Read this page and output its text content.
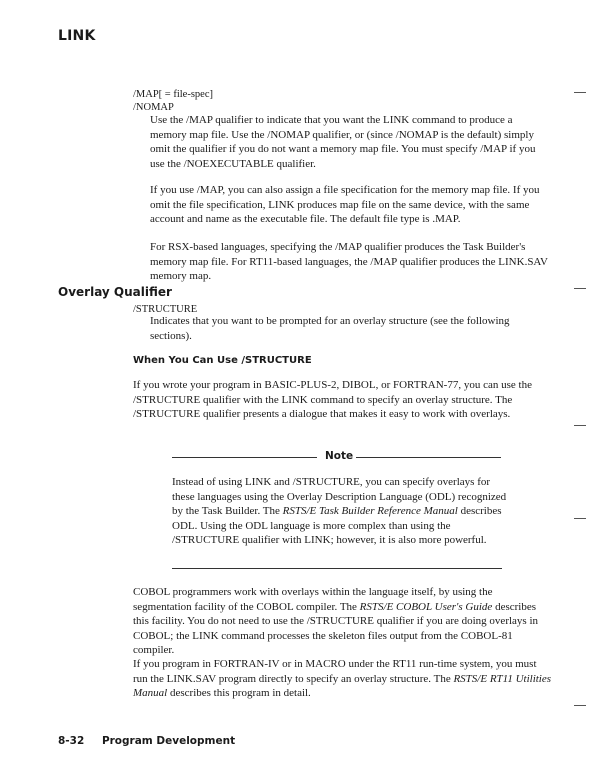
LINK
/MAP[ = file-spec]
/NOMAP

Use the /MAP qualifier to indicate that you want the LINK command to produce a memory map file. Use the /NOMAP qualifier, or (since /NOMAP is the default) simply omit the qualifier if you do not want a memory map file. You must specify /MAP if you use the /NOEXECUTABLE qualifier.

If you use /MAP, you can also assign a file specification for the memory map file. If you omit the file specification, LINK produces map file on the same device, with the same account and name as the executable file. The default file type is .MAP.

For RSX-based languages, specifying the /MAP qualifier produces the Task Builder's memory map file. For RT11-based languages, the /MAP qualifier produces the LINK.SAV memory map.

Overlay Qualifier
/STRUCTURE

Indicates that you want to be prompted for an overlay structure (see the following sections).

When You Can Use /STRUCTURE

If you wrote your program in BASIC-PLUS-2, DIBOL, or FORTRAN-77, you can use the /STRUCTURE qualifier with the LINK command to specify an overlay structure. The /STRUCTURE qualifier presents a dialogue that makes it easy to work with overlays.

Note

Instead of using LINK and /STRUCTURE, you can specify overlays for these languages using the Overlay Description Language (ODL) recognized by the Task Builder. The RSTS/E Task Builder Reference Manual describes ODL. Using the ODL language is more complex than using the /STRUCTURE qualifier with LINK; however, it is also more powerful.

COBOL programmers work with overlays within the language itself, by using the segmentation facility of the COBOL compiler. The RSTS/E COBOL User's Guide describes this facility. You do not need to use the /STRUCTURE qualifier if you are doing overlays in COBOL; the LINK command processes the skeleton files output from the COBOL-81 compiler.

If you program in FORTRAN-IV or in MACRO under the RT11 run-time system, you must run the LINK.SAV program directly to specify an overlay structure. The RSTS/E RT11 Utilities Manual describes this program in detail.

8-32 Program Development
